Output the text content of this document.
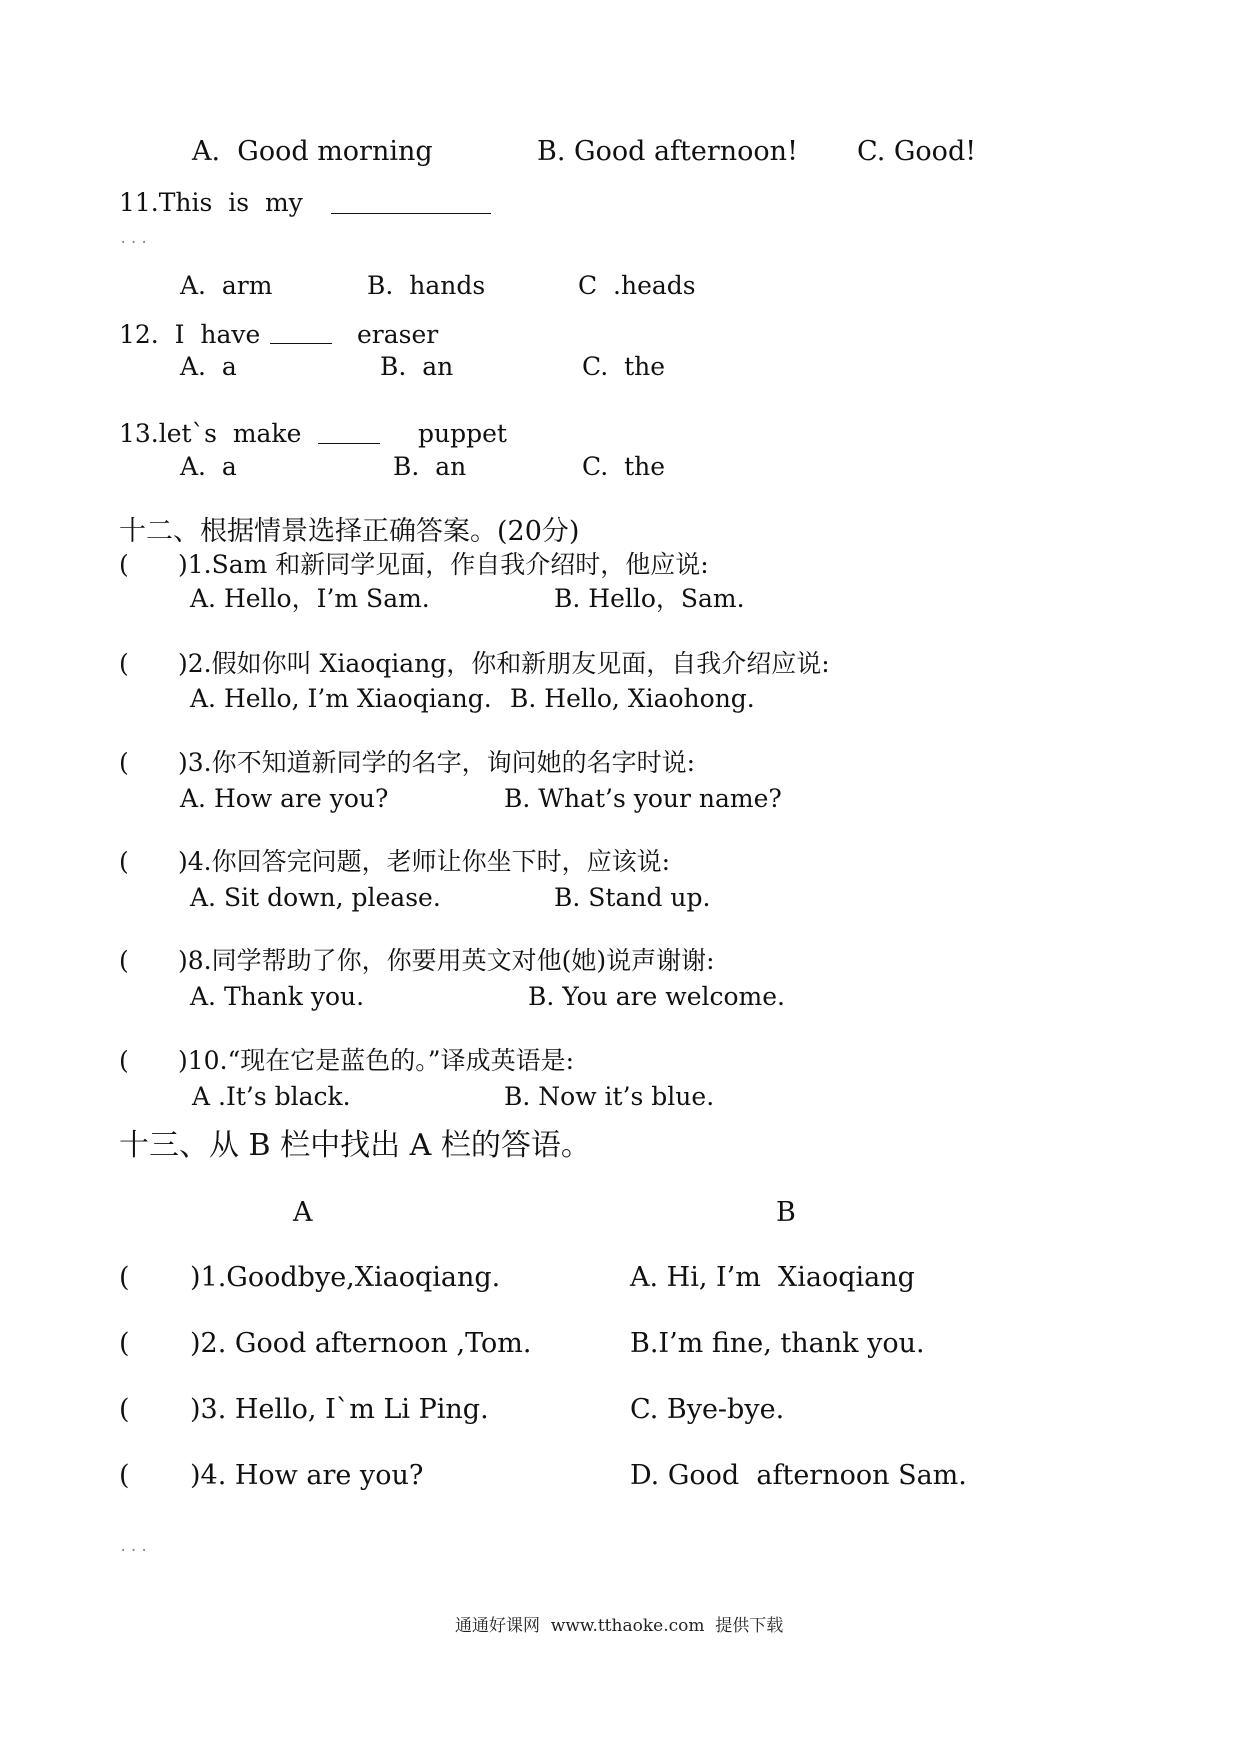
A.  Good morning	B. Good afternoon! C. Good!
11.This  is  my
...
A.  arm	B.  hands	C  .heads
12.  I  have	eraser
A.  a	B.  an	C.  the
13.let`s  make	puppet
A.  a	B.  an	C.  the
十二、根据情景选择正确答案。(20分)
( )1.Sam 和新同学见面，作自我介绍时，他应说:
A. Hello，I’m Sam.	B. Hello，Sam.
( )2.假如你叫 Xiaoqiang，你和新朋友见面，自我介绍应说:
A. Hello, I’m Xiaoqiang. B. Hello, Xiaohong.
( )3.你不知道新同学的名字，询问她的名字时说:
A. How are you?	B. What’s your name?
( )4.你回答完问题，老师让你坐下时，应该说:
A. Sit down, please.	B. Stand up.
( )8.同学帮助了你，你要用英文对他(她)说声谢谢:
A. Thank you.	B. You are welcome.
( )10.“现在它是蓝色的。”译成英语是:
A .It’s black.	B. Now it’s blue.
十三、从 B 栏中找出 A 栏的答语。
A	B
( )1.Goodbye,Xiaoqiang.	A. Hi, I’m  Xiaoqiang
( )2. Good afternoon ,Tom.	B.I’m fine, thank you.
( )3. Hello, I`m Li Ping.	C. Bye-bye.
( )4. How are you?	D. Good  afternoon Sam.
...
通通好课网  www.tthaoke.com  提供下载
